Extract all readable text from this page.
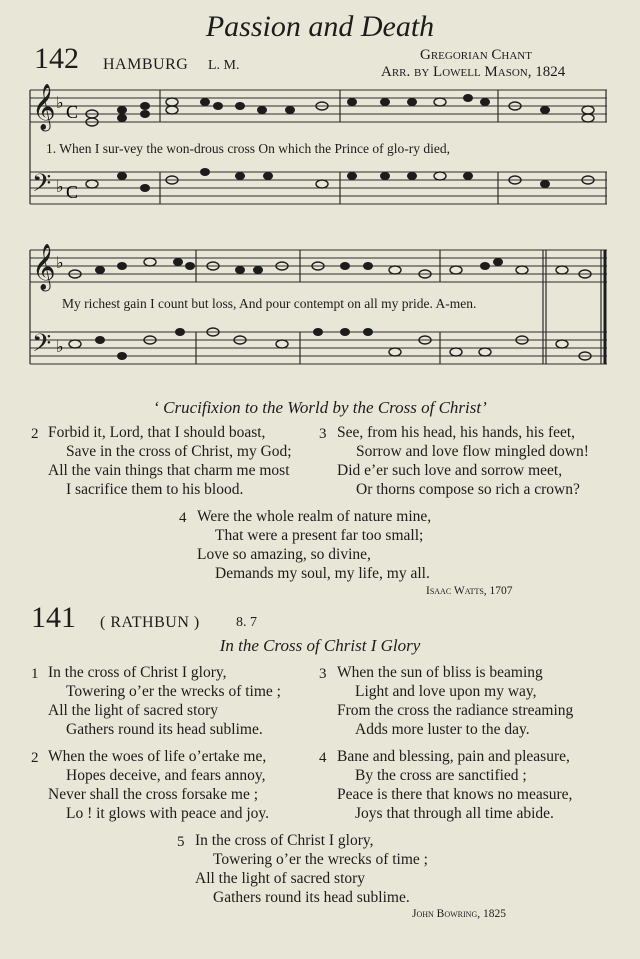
Passion and Death
142 HAMBURG L. M.
Gregorian Chant
Arr. by Lowell Mason, 1824
𝄞
𝄢
♭ C
♭ C
1. When I sur-vey the won-drous cross On which the Prince of glo-ry died,
𝄞
𝄢
♭
♭
My richest gain I count but loss, And pour contempt on all my pride. A-men.
‘ Crucifixion to the World by the Cross of Christ’
2 Forbid it, Lord, that I should boast,
Save in the cross of Christ, my God;
All the vain things that charm me most
I sacrifice them to his blood.
3 See, from his head, his hands, his feet,
Sorrow and love flow mingled down!
Did e’er such love and sorrow meet,
Or thorns compose so rich a crown?
4 Were the whole realm of nature mine,
That were a present far too small;
Love so amazing, so divine,
Demands my soul, my life, my all.
Isaac Watts, 1707
141 ( RATHBUN )	8. 7
In the Cross of Christ I Glory
1 In the cross of Christ I glory,
Towering o’er the wrecks of time ;
All the light of sacred story
Gathers round its head sublime.
3 When the sun of bliss is beaming
Light and love upon my way,
From the cross the radiance streaming
Adds more luster to the day.
2 When the woes of life o’ertake me,
Hopes deceive, and fears annoy,
Never shall the cross forsake me ;
Lo ! it glows with peace and joy.
4 Bane and blessing, pain and pleasure,
By the cross are sanctified ;
Peace is there that knows no measure,
Joys that through all time abide.
5 In the cross of Christ I glory,
Towering o’er the wrecks of time ;
All the light of sacred story
Gathers round its head sublime.
John Bowring, 1825
